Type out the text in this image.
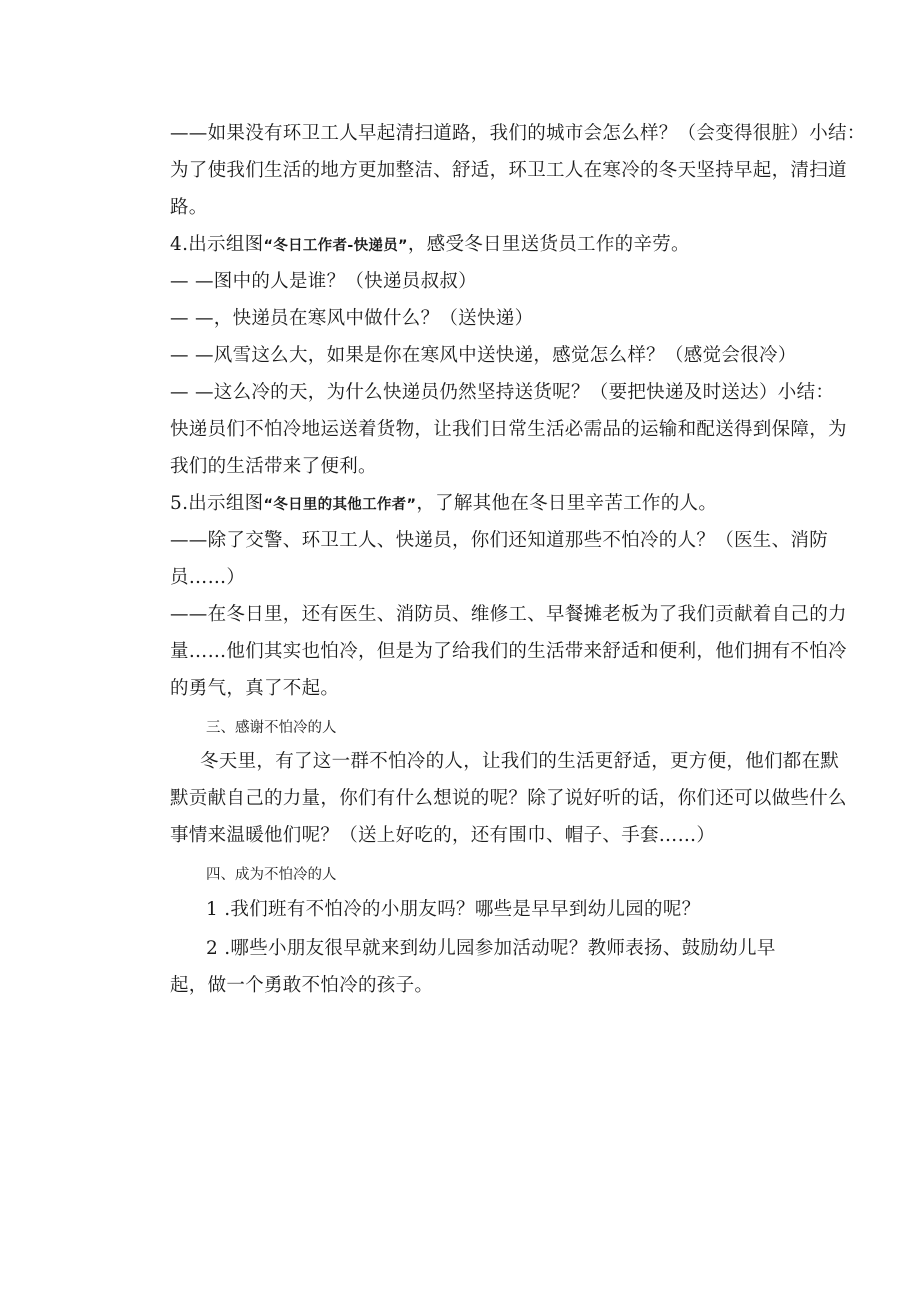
——如果没有环卫工人早起清扫道路，我们的城市会怎么样？（会变得很脏）小结：
为了使我们生活的地方更加整洁、舒适，环卫工人在寒冷的冬天坚持早起，清扫道
路。
4.出示组图“冬日工作者-快递员”，感受冬日里送货员工作的辛劳。
— —图中的人是谁？（快递员叔叔）
— —，快递员在寒风中做什么？（送快递）
— —风雪这么大，如果是你在寒风中送快递，感觉怎么样？（感觉会很冷）
— —这么冷的天，为什么快递员仍然坚持送货呢？（要把快递及时送达）小结：
快递员们不怕冷地运送着货物，让我们日常生活必需品的运输和配送得到保障，为
我们的生活带来了便利。
5.出示组图“冬日里的其他工作者”，了解其他在冬日里辛苦工作的人。
——除了交警、环卫工人、快递员，你们还知道那些不怕冷的人？（医生、消防
员……）
——在冬日里，还有医生、消防员、维修工、早餐摊老板为了我们贡献着自己的力
量……他们其实也怕冷，但是为了给我们的生活带来舒适和便利，他们拥有不怕冷
的勇气，真了不起。
三、感谢不怕冷的人
冬天里，有了这一群不怕冷的人，让我们的生活更舒适，更方便，他们都在默
默贡献自己的力量，你们有什么想说的呢？除了说好听的话，你们还可以做些什么
事情来温暖他们呢？（送上好吃的，还有围巾、帽子、手套……）
四、成为不怕冷的人
1 .我们班有不怕冷的小朋友吗？哪些是早早到幼儿园的呢？
2 .哪些小朋友很早就来到幼儿园参加活动呢？教师表扬、鼓励幼儿早
起，做一个勇敢不怕冷的孩子。
